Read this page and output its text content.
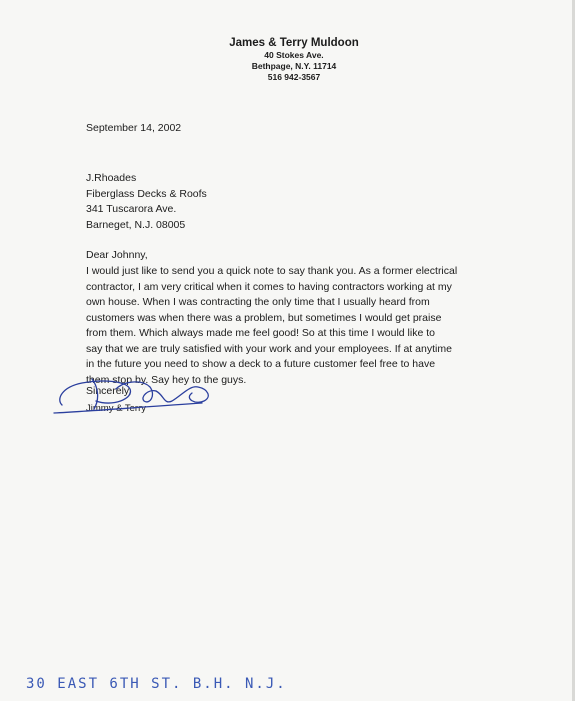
James & Terry Muldoon
40 Stokes Ave.
Bethpage, N.Y. 11714
516 942-3567
September 14, 2002
J.Rhoades
Fiberglass Decks & Roofs
341 Tuscarora Ave.
Barneget, N.J. 08005
Dear Johnny,
I would just like to send you a quick note to say thank you. As a former electrical
contractor, I am very critical when it comes to having contractors working at my
own house. When I was contracting the only time that I usually heard from
customers was when there was a problem, but sometimes I would get praise
from them. Which always made me feel good! So at this time I would like to
say that we are truly satisfied with your work and your employees. If at anytime
in the future you need to show a deck to a future customer feel free to have
them stop by. Say hey to the guys.
Sincerely,
Jimmy & Terry
30 EAST 6TH ST. B.H. N.J.
